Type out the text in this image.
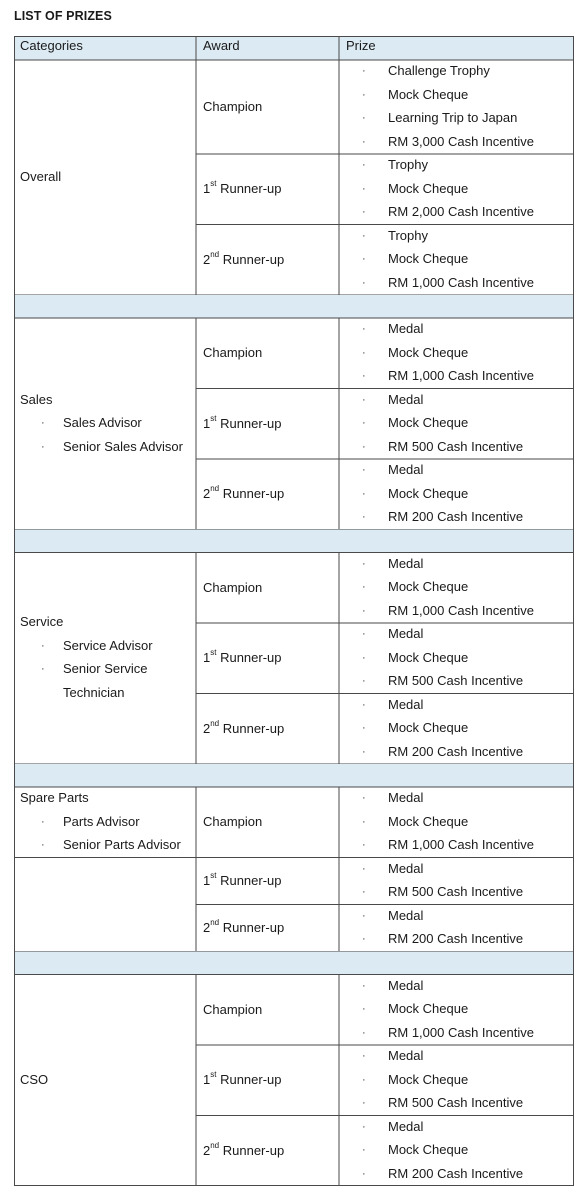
LIST OF PRIZES
Categories	Award	Prize
Champion
· Challenge Trophy
· Mock Cheque
· Learning Trip to Japan
· RM 3,000 Cash Incentive
1st Runner-up
· Trophy
· Mock Cheque
· RM 2,000 Cash Incentive
2nd Runner-up
· Trophy
· Mock Cheque
· RM 1,000 Cash Incentive
Overall
Champion
· Medal
· Mock Cheque
· RM 1,000 Cash Incentive
1st Runner-up
· Medal
· Mock Cheque
· RM 500 Cash Incentive
2nd Runner-up
· Medal
· Mock Cheque
· RM 200 Cash Incentive
Sales
· Sales Advisor
· Senior Sales Advisor
Champion
· Medal
· Mock Cheque
· RM 1,000 Cash Incentive
1st Runner-up
· Medal
· Mock Cheque
· RM 500 Cash Incentive
2nd Runner-up
· Medal
· Mock Cheque
· RM 200 Cash Incentive
Service
· Service Advisor
· Senior Service
Technician
Champion
· Medal
· Mock Cheque
· RM 1,000 Cash Incentive
1st Runner-up
· Medal
· RM 500 Cash Incentive
2nd Runner-up
· Medal
· RM 200 Cash Incentive
Spare Parts
· Parts Advisor
· Senior Parts Advisor
Champion
· Medal
· Mock Cheque
· RM 1,000 Cash Incentive
1st Runner-up
· Medal
· Mock Cheque
· RM 500 Cash Incentive
2nd Runner-up
· Medal
· Mock Cheque
· RM 200 Cash Incentive
CSO
